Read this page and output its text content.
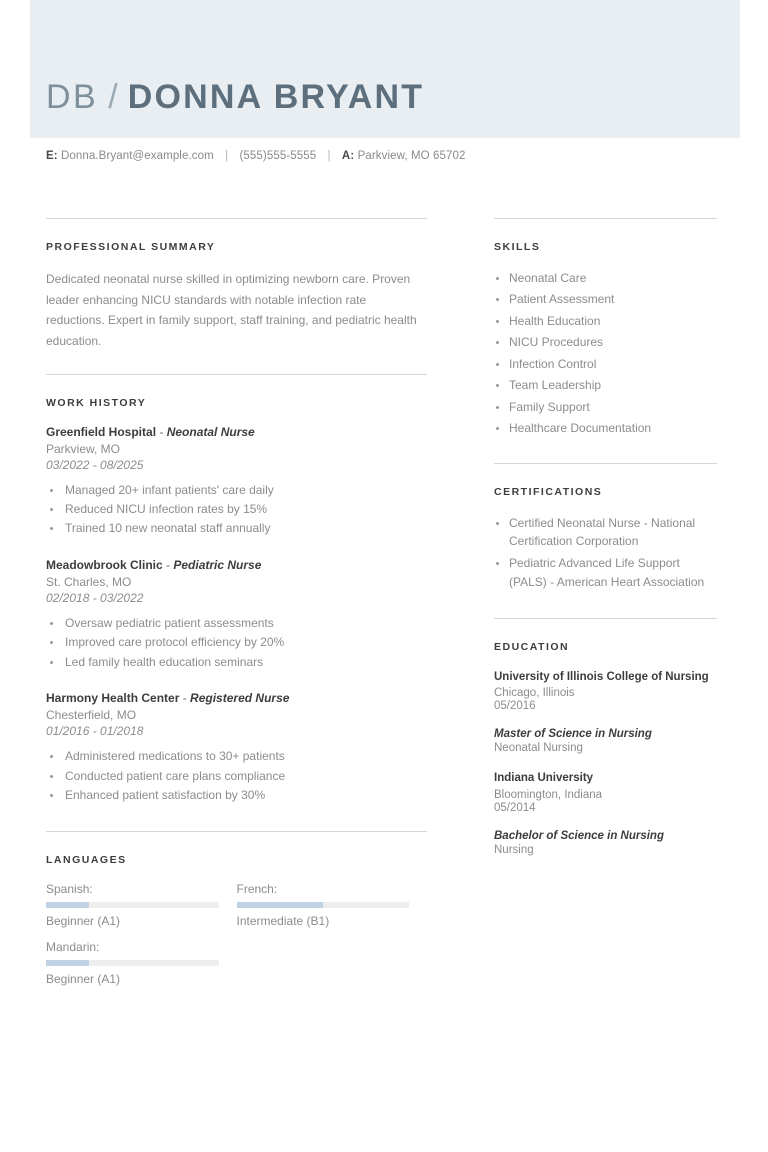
DB / DONNA BRYANT
E: Donna.Bryant@example.com | (555)555-5555 | A: Parkview, MO 65702
PROFESSIONAL SUMMARY
Dedicated neonatal nurse skilled in optimizing newborn care. Proven leader enhancing NICU standards with notable infection rate reductions. Expert in family support, staff training, and pediatric health education.
WORK HISTORY
Greenfield Hospital - Neonatal Nurse
Parkview, MO
03/2022 - 08/2025
Managed 20+ infant patients' care daily
Reduced NICU infection rates by 15%
Trained 10 new neonatal staff annually
Meadowbrook Clinic - Pediatric Nurse
St. Charles, MO
02/2018 - 03/2022
Oversaw pediatric patient assessments
Improved care protocol efficiency by 20%
Led family health education seminars
Harmony Health Center - Registered Nurse
Chesterfield, MO
01/2016 - 01/2018
Administered medications to 30+ patients
Conducted patient care plans compliance
Enhanced patient satisfaction by 30%
LANGUAGES
Spanish:
Beginner (A1)
French:
Intermediate (B1)
Mandarin:
Beginner (A1)
SKILLS
Neonatal Care
Patient Assessment
Health Education
NICU Procedures
Infection Control
Team Leadership
Family Support
Healthcare Documentation
CERTIFICATIONS
Certified Neonatal Nurse - National Certification Corporation
Pediatric Advanced Life Support (PALS) - American Heart Association
EDUCATION
University of Illinois College of Nursing
Chicago, Illinois
05/2016
Master of Science in Nursing
Neonatal Nursing
Indiana University
Bloomington, Indiana
05/2014
Bachelor of Science in Nursing
Nursing
